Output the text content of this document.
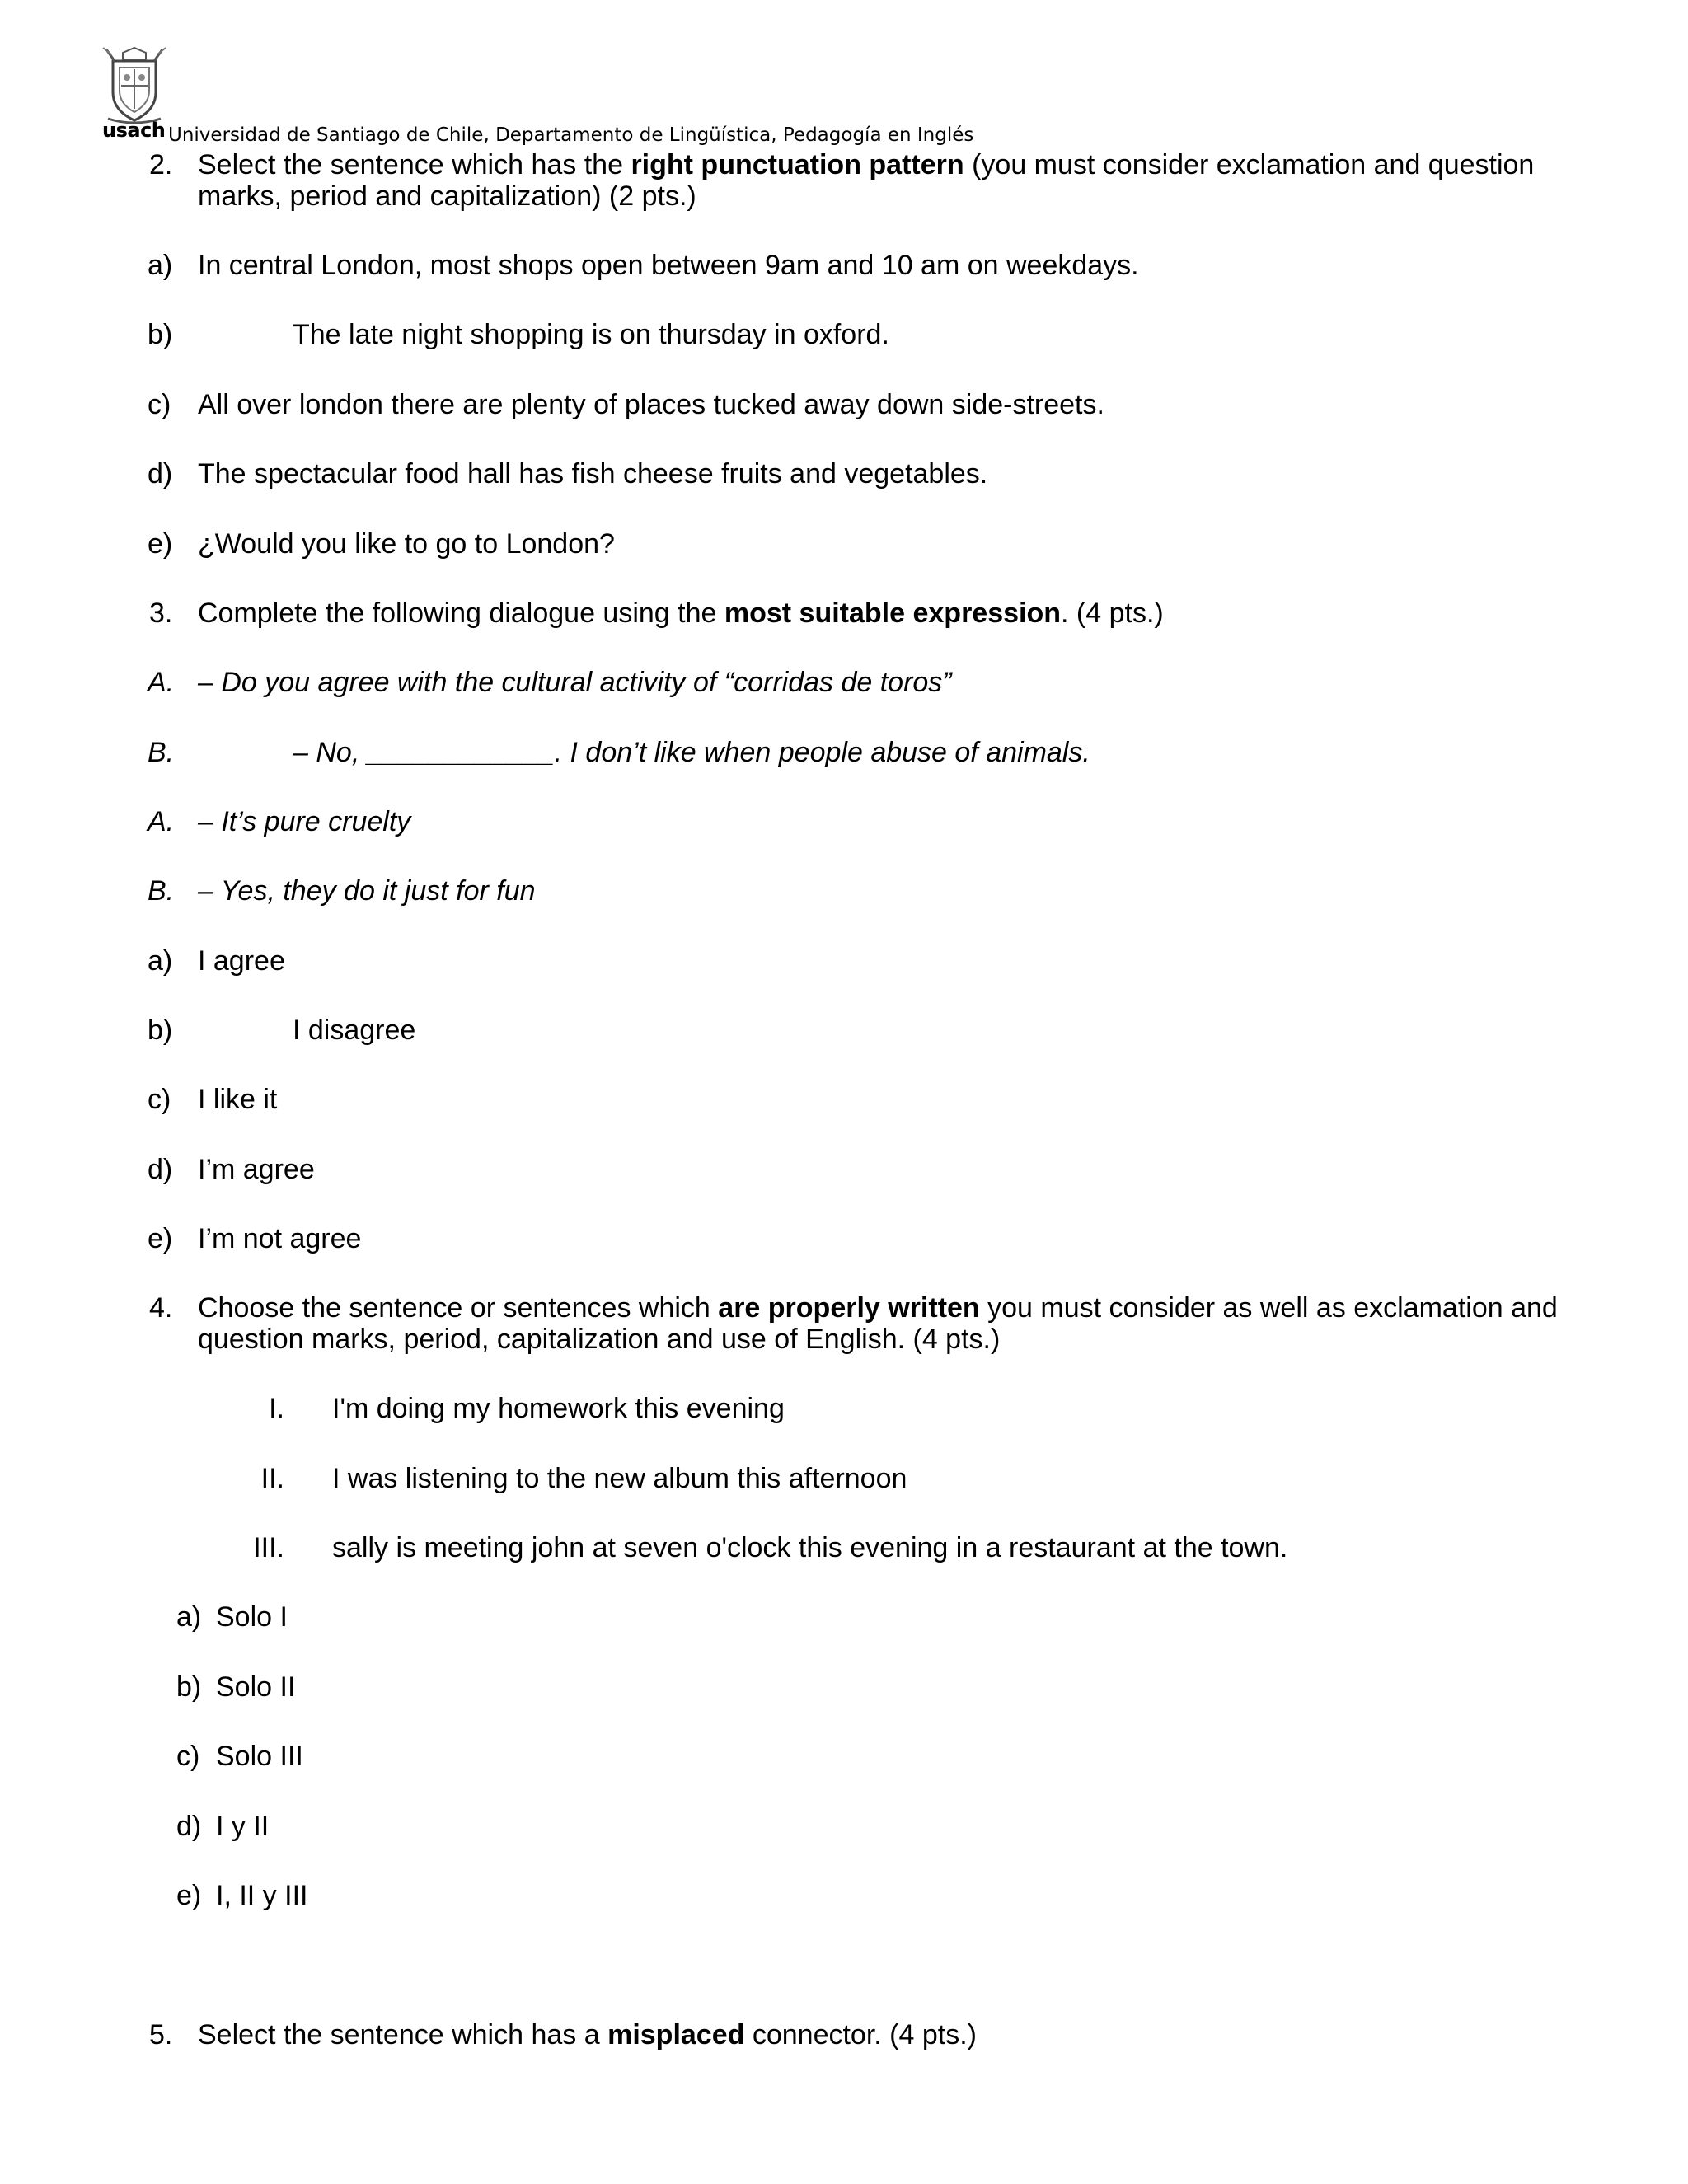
usach Universidad de Santiago de Chile, Departamento de Lingüística, Pedagogía en Inglés
2. Select the sentence which has the right punctuation pattern (you must consider exclamation and question
marks, period and capitalization) (2 pts.)
a) In central London, most shops open between 9am and 10 am on weekdays.
b)	The late night shopping is on thursday in oxford.
c) All over london there are plenty of places tucked away down side-streets.
d) The spectacular food hall has fish cheese fruits and vegetables.
e) ¿Would you like to go to London?
3. Complete the following dialogue using the most suitable expression. (4 pts.)
A. – Do you agree with the cultural activity of “corridas de toros”
B.	– No, ____________. I don’t like when people abuse of animals.
A. – It’s pure cruelty
B. – Yes, they do it just for fun
a) I agree
b)	I disagree
c) I like it
d) I’m agree
e) I’m not agree
4. Choose the sentence or sentences which are properly written you must consider as well as exclamation and
question marks, period, capitalization and use of English. (4 pts.)
I. I'm doing my homework this evening
II. I was listening to the new album this afternoon
III. sally is meeting john at seven o'clock this evening in a restaurant at the town.
a) Solo I
b) Solo II
c) Solo III
d) I y II
e) I, II y III
5. Select the sentence which has a misplaced connector. (4 pts.)
